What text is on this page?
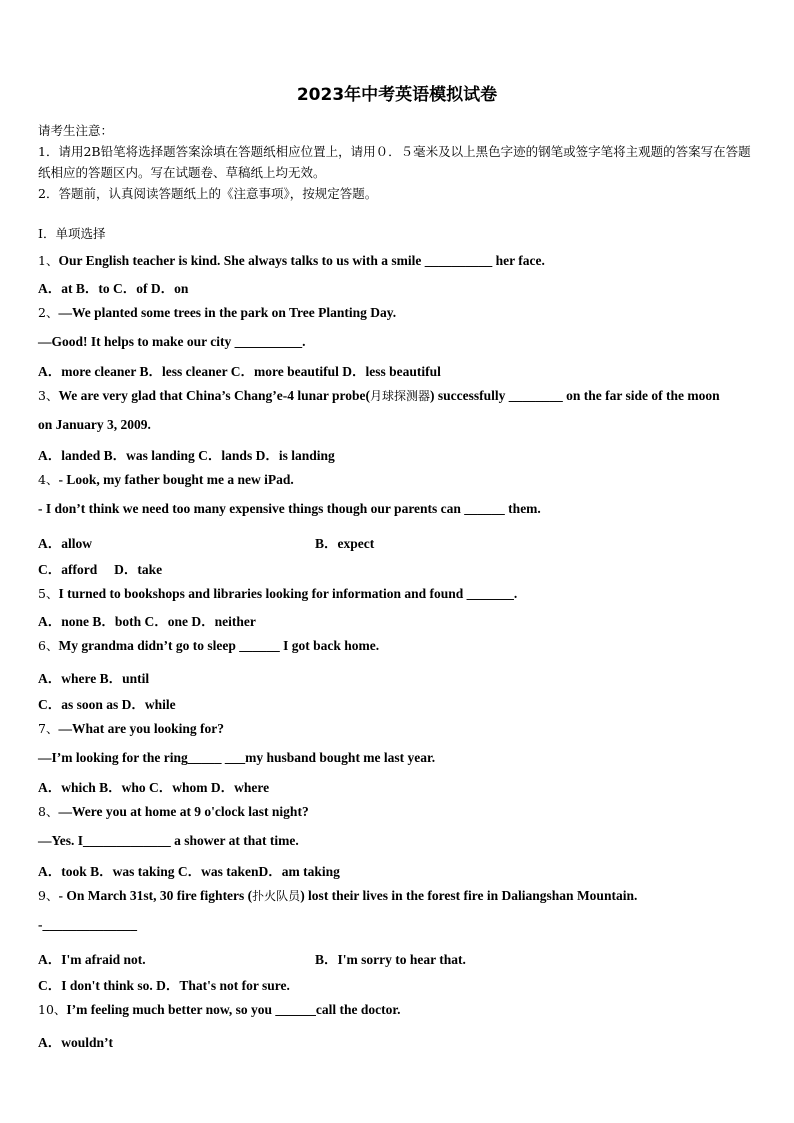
2023年中考英语模拟试卷
请考生注意：
1．请用2B铅笔将选择题答案涂填在答题纸相应位置上，请用０．５毫米及以上黑色字迹的钢笔或签字笔将主观题的答案写在答题纸相应的答题区内。写在试题卷、草稿纸上均无效。
2．答题前，认真阅读答题纸上的《注意事项》，按规定答题。
Ⅰ．单项选择
1、Our English teacher is kind. She always talks to us with a smile __________ her face.
A．at B．to C．of D．on
2、—We planted some trees in the park on Tree Planting Day.
—Good! It helps to make our city __________.
A．more cleaner B．less cleaner C．more beautiful D．less beautiful
3、We are very glad that China’s Chang’e-4 lunar probe(月球探测器) successfully ________ on the far side of the moon
on January 3, 2009.
A．landed B．was landing C．lands D．is landing
4、- Look, my father bought me a new iPad.
- I don’t think we need too many expensive things though our parents can ______ them.
A．allow	B．expect
C．afford D．take
5、I turned to bookshops and libraries looking for information and found _______.
A．none B．both C．one D．neither
6、My grandma didn’t go to sleep ______ I got back home.
A．where B．until
C．as soon as D．while
7、—What are you looking for?
—I’m looking for the ring_____ ___my husband bought me last year.
A．which B．who C．whom D．where
8、—Were you at home at 9 o'clock last night?
—Yes. I_____________ a shower at that time.
A．took B．was taking C．was takenD．am taking
9、- On March 31st, 30 fire fighters (扑火队员) lost their lives in the forest fire in Daliangshan Mountain.
-______________
A．I'm afraid not.	B．I'm sorry to hear that.
C．I don't think so. D．That's not for sure.
10、I’m feeling much better now, so you ______call the doctor.
A．wouldn’t
